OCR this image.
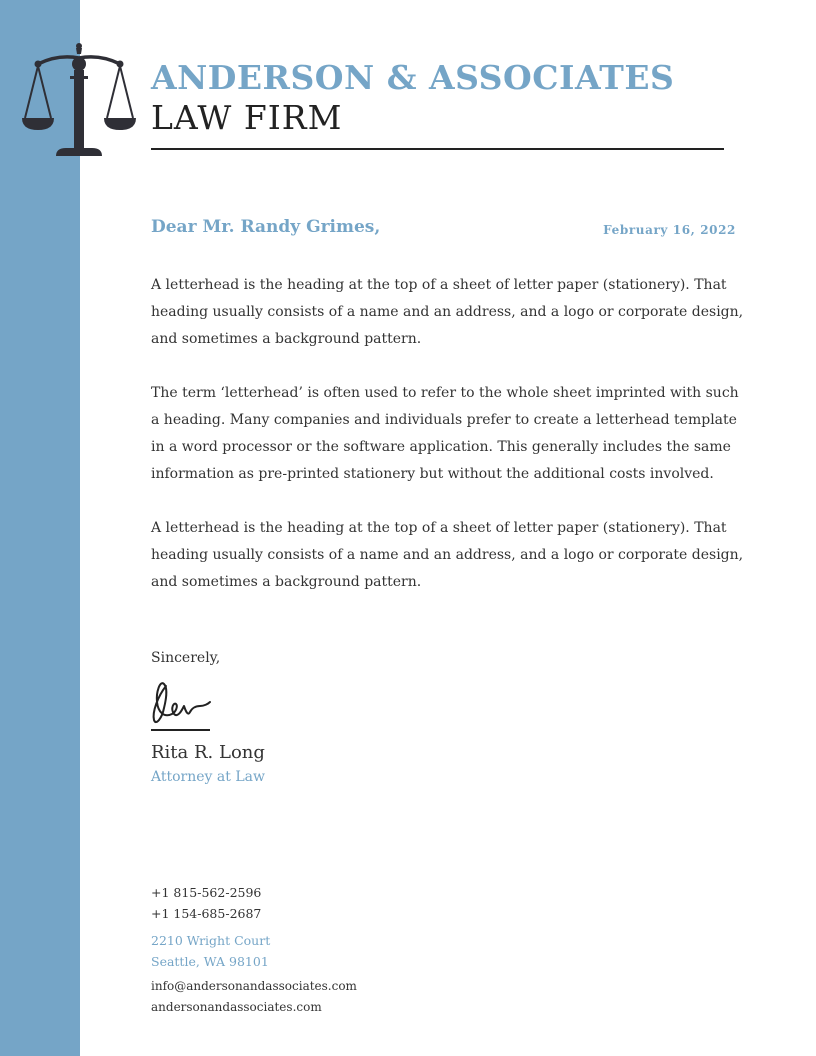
ANDERSON & ASSOCIATES
LAW FIRM
Dear Mr. Randy Grimes,	February 16, 2022

A letterhead is the heading at the top of a sheet of letter paper (stationery). That heading usually consists of a name and an address, and a logo or corporate design, and sometimes a background pattern.

The term ‘letterhead’ is often used to refer to the whole sheet imprinted with such a heading. Many companies and individuals prefer to create a letterhead template in a word processor or the software application. This generally includes the same information as pre-printed stationery but without the additional costs involved.

A letterhead is the heading at the top of a sheet of letter paper (stationery). That heading usually consists of a name and an address, and a logo or corporate design, and sometimes a background pattern.

Sincerely,
Rita R. Long
Attorney at Law
+1 815-562-2596
+1 154-685-2687
2210 Wright Court
Seattle, WA 98101
info@andersonandassociates.com
andersonandassociates.com
